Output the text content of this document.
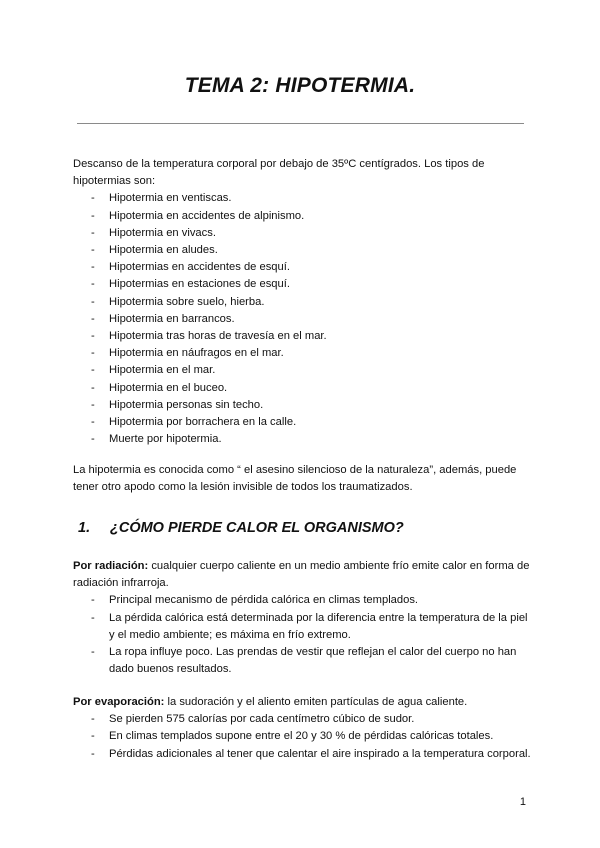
TEMA 2: HIPOTERMIA.

Descanso de la temperatura corporal por debajo de 35ºC centígrados. Los tipos de hipotermias son:

- Hipotermia en ventiscas.
- Hipotermia en accidentes de alpinismo.
- Hipotermia en vivacs.
- Hipotermia en aludes.
- Hipotermias en accidentes de esquí.
- Hipotermias en estaciones de esquí.
- Hipotermia sobre suelo, hierba.
- Hipotermia en barrancos.
- Hipotermia tras horas de travesía en el mar.
- Hipotermia en náufragos en el mar.
- Hipotermia en el mar.
- Hipotermia en el buceo.
- Hipotermia personas sin techo.
- Hipotermia por borrachera en la calle.
- Muerte por hipotermia.

La hipotermia es conocida como “ el asesino silencioso de la naturaleza”, además, puede tener otro apodo como la lesión invisible de todos los traumatizados.

1. ¿CÓMO PIERDE CALOR EL ORGANISMO?

Por radiación: cualquier cuerpo caliente en un medio ambiente frío emite calor en forma de radiación infrarroja.

- Principal mecanismo de pérdida calórica en climas templados.
- La pérdida calórica está determinada por la diferencia entre la temperatura de la piel y el medio ambiente; es máxima en frío extremo.
- La ropa influye poco. Las prendas de vestir que reflejan el calor del cuerpo no han dado buenos resultados.

Por evaporación: la sudoración y el aliento emiten partículas de agua caliente.

- Se pierden 575 calorías por cada centímetro cúbico de sudor.
- En climas templados supone entre el 20 y 30 % de pérdidas calóricas totales.
- Pérdidas adicionales al tener que calentar el aire inspirado a la temperatura corporal.
1
